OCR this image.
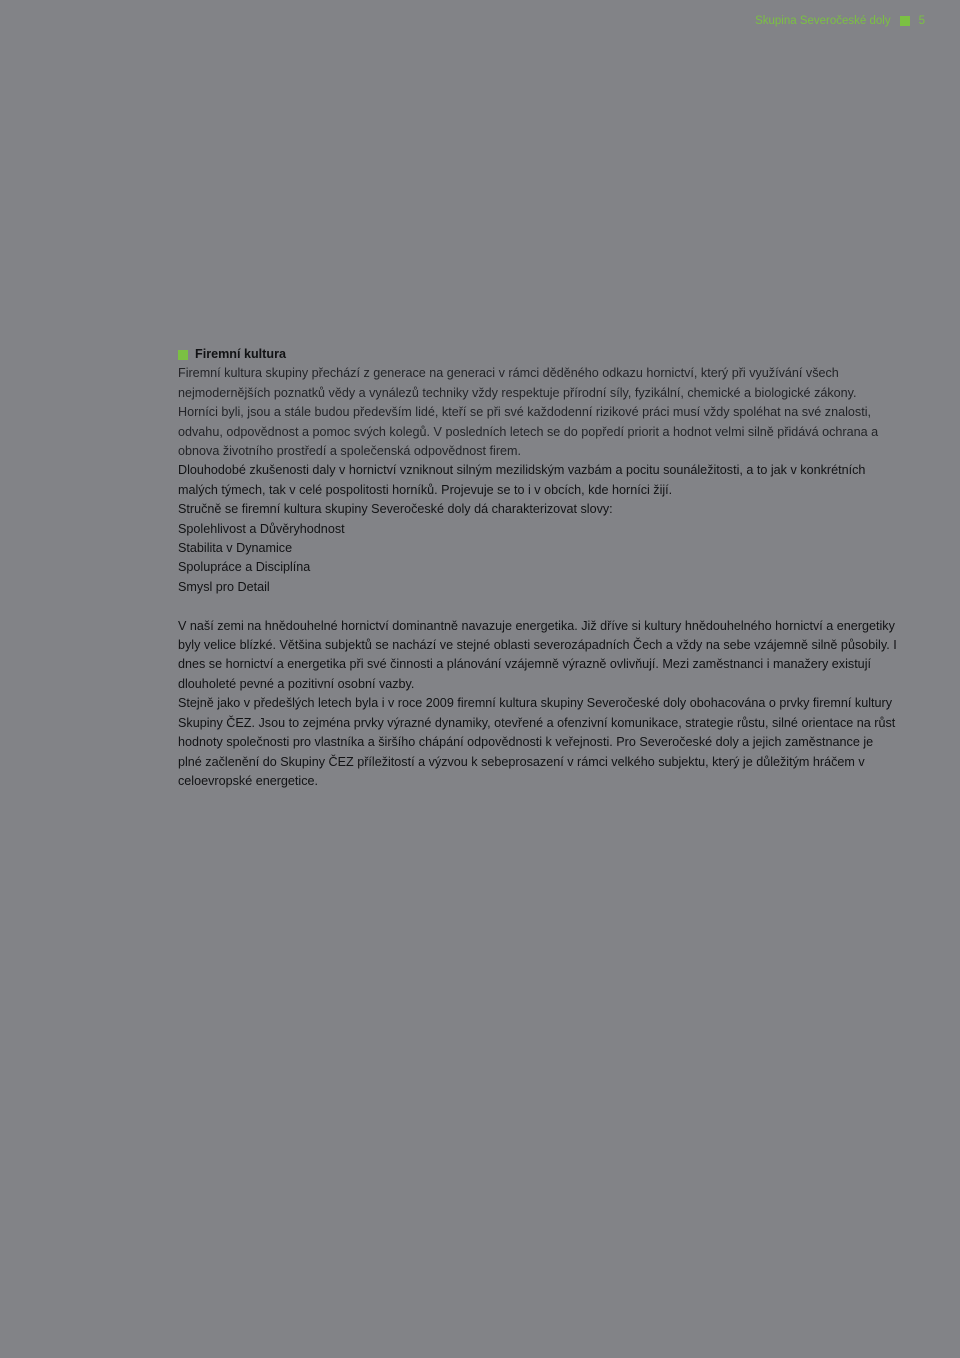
Skupina Severočeské doly 5
Firemní kultura

Firemní kultura skupiny přechází z generace na generaci v rámci děděného odkazu hornictví, který při využívání všech nejmodernějších poznatků vědy a vynálezů techniky vždy respektuje přírodní síly, fyzikální, chemické a biologické zákony.

Horníci byli, jsou a stále budou především lidé, kteří se při své každodenní rizikové práci musí vždy spoléhat na své znalosti, odvahu, odpovědnost a pomoc svých kolegů. V posledních letech se do popředí priorit a hodnot velmi silně přidává ochrana a obnova životního prostředí a společenská odpovědnost firem.

Dlouhodobé zkušenosti daly v hornictví vzniknout silným mezilidským vazbám a pocitu sounáležitosti, a to jak v konkrétních malých týmech, tak v celé pospolitosti horníků. Projevuje se to i v obcích, kde horníci žijí.

Stručně se firemní kultura skupiny Severočeské doly dá charakterizovat slovy:

Spolehlivost a Důvěryhodnost
Stabilita v Dynamice
Spolupráce a Disciplína
Smysl pro Detail

V naší zemi na hnědouhelné hornictví dominantně navazuje energetika. Již dříve si kultury hnědouhelného hornictví a energetiky byly velice blízké. Většina subjektů se nachází ve stejné oblasti severozápadních Čech a vždy na sebe vzájemně silně působily. I dnes se hornictví a energetika při své činnosti a plánování vzájemně výrazně ovlivňují. Mezi zaměstnanci i manažery existují dlouholeté pevné a pozitivní osobní vazby.

Stejně jako v předešlých letech byla i v roce 2009 firemní kultura skupiny Severočeské doly obohacována o prvky firemní kultury Skupiny ČEZ. Jsou to zejména prvky výrazné dynamiky, otevřené a ofenzivní komunikace, strategie růstu, silné orientace na růst hodnoty společnosti pro vlastníka a širšího chápání odpovědnosti k veřejnosti. Pro Severočeské doly a jejich zaměstnance je plné začlenění do Skupiny ČEZ příležitostí a výzvou k sebeprosazení v rámci velkého subjektu, který je důležitým hráčem v celoevropské energetice.
